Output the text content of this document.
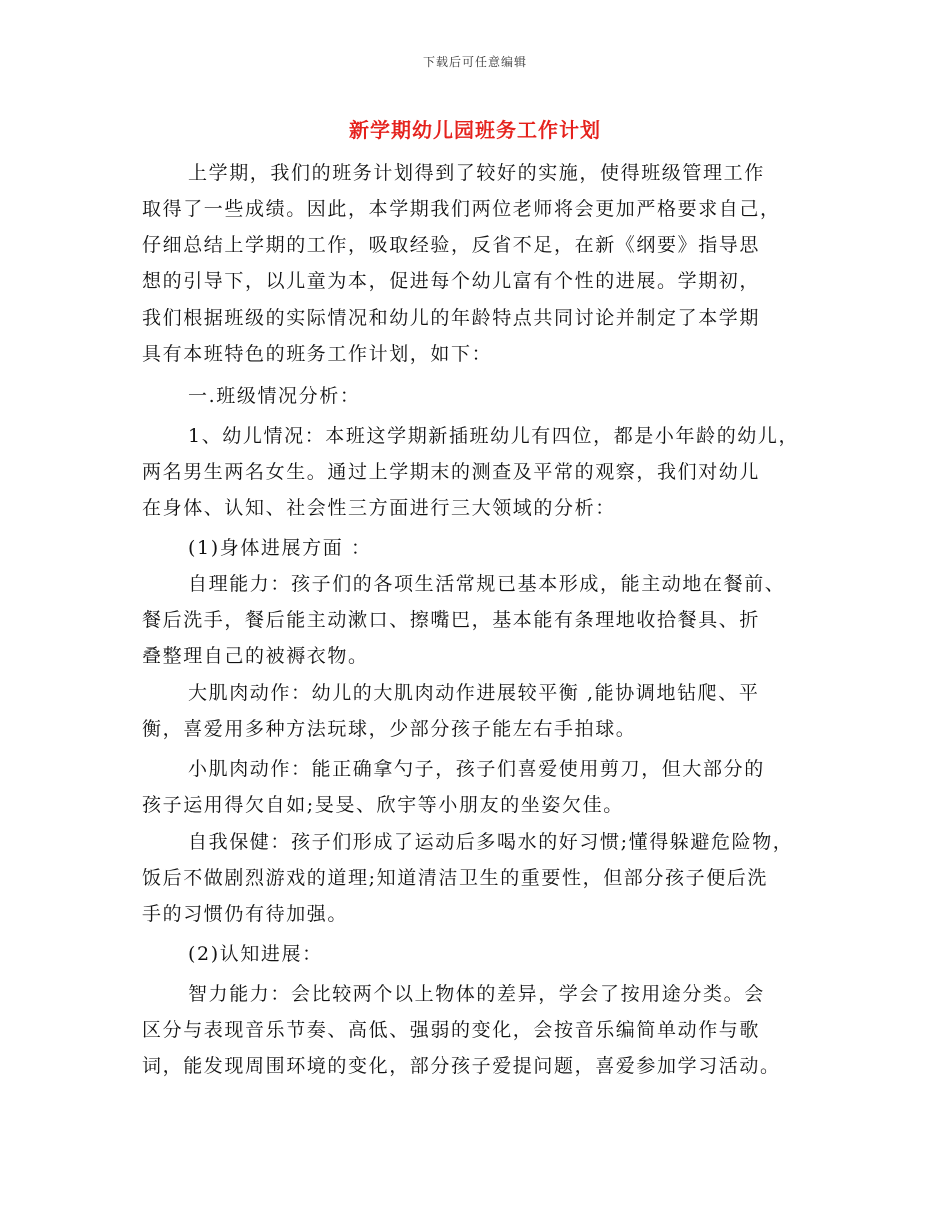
下载后可任意编辑
新学期幼儿园班务工作计划
上学期，我们的班务计划得到了较好的实施，使得班级管理工作
取得了一些成绩。因此，本学期我们两位老师将会更加严格要求自己，
仔细总结上学期的工作，吸取经验，反省不足，在新《纲要》指导思
想的引导下，以儿童为本，促进每个幼儿富有个性的进展。学期初，
我们根据班级的实际情况和幼儿的年龄特点共同讨论并制定了本学期
具有本班特色的班务工作计划，如下：
一.班级情况分析：
1、幼儿情况：本班这学期新插班幼儿有四位，都是小年龄的幼儿，
两名男生两名女生。通过上学期末的测查及平常的观察，我们对幼儿
在身体、认知、社会性三方面进行三大领域的分析：
(1)身体进展方面 ：
自理能力：孩子们的各项生活常规已基本形成，能主动地在餐前、
餐后洗手，餐后能主动漱口、擦嘴巴，基本能有条理地收拾餐具、折
叠整理自己的被褥衣物。
大肌肉动作：幼儿的大肌肉动作进展较平衡 ,能协调地钻爬、平
衡，喜爱用多种方法玩球，少部分孩子能左右手拍球。
小肌肉动作：能正确拿勺子，孩子们喜爱使用剪刀，但大部分的
孩子运用得欠自如;旻旻、欣宇等小朋友的坐姿欠佳。
自我保健：孩子们形成了运动后多喝水的好习惯;懂得躲避危险物，
饭后不做剧烈游戏的道理;知道清洁卫生的重要性，但部分孩子便后洗
手的习惯仍有待加强。
(2)认知进展：
智力能力：会比较两个以上物体的差异，学会了按用途分类。会
区分与表现音乐节奏、高低、强弱的变化，会按音乐编简单动作与歌
词，能发现周围环境的变化，部分孩子爱提问题，喜爱参加学习活动。
